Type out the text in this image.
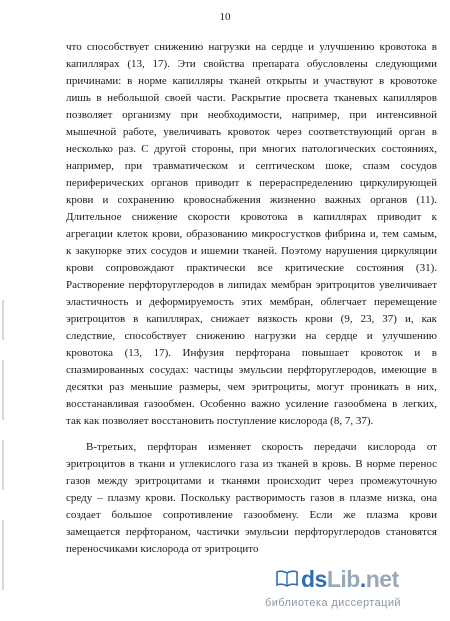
10
что способствует снижению нагрузки на сердце и улучшению кровотока в
капиллярах (13, 17). Эти свойства препарата обусловлены следующими
причинами: в норме капилляры тканей открыты и участвуют в кровотоке
лишь в небольшой своей части. Раскрытие просвета тканевых капилляров
позволяет организму при необходимости, например, при интенсивной
мышечной работе, увеличивать кровоток через соответствующий орган в
несколько раз. С другой стороны, при многих патологических состояниях,
например, при травматическом и септическом шоке, спазм сосудов
периферических органов приводит к перераспределению циркулирующей
крови и сохранению кровоснабжения жизненно важных органов (11).
Длительное снижение скорости кровотока в капиллярах приводит к
агрегации клеток крови, образованию микросгустков фибрина и, тем самым,
к закупорке этих сосудов и ишемии тканей. Поэтому нарушения циркуляции
крови сопровождают практически все критические состояния (31).
Растворение перфторуглеродов в липидах мембран эритроцитов увеличивает
эластичность и деформируемость этих мембран, облегчает перемещение
эритроцитов в капиллярах, снижает вязкость крови (9, 23, 37) и, как
следствие, способствует снижению нагрузки на сердце и улучшению
кровотока (13, 17). Инфузия перфторана повышает кровоток и в
спазмированных сосудах: частицы эмульсии перфторуглеродов, имеющие в
десятки раз меньшие размеры, чем эритроциты, могут проникать в них,
восстанавливая газообмен. Особенно важно усиление газообмена в легких,
так как позволяет восстановить поступление кислорода (8, 7, 37).
В-третьих, перфторан изменяет скорость передачи кислорода от
эритроцитов в ткани и углекислого газа из тканей в кровь. В норме перенос
газов между эритроцитами и тканями происходит через промежуточную
среду – плазму крови. Поскольку растворимость газов в плазме низка, она
создает большое сопротивление газообмену. Если же плазма крови
замещается перфтораном, частички эмульсии перфторуглеродов становятся
переносчиками кислорода от эритроцито
dsLib.net
библиотека диссертаций
